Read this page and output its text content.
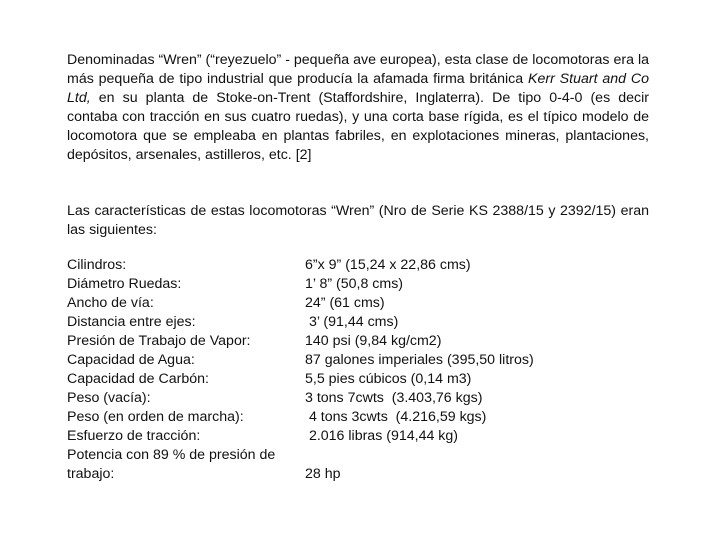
Denominadas “Wren” (“reyezuelo” - pequeña ave europea), esta clase de locomotoras era la más pequeña de tipo industrial que producía la afamada firma británica Kerr Stuart and Co Ltd, en su planta de Stoke-on-Trent (Staffordshire, Inglaterra). De tipo 0-4-0 (es decir contaba con tracción en sus cuatro ruedas), y una corta base rígida, es el típico modelo de locomotora que se empleaba en plantas fabriles, en explotaciones mineras, plantaciones, depósitos, arsenales, astilleros, etc. [2]

Las características de estas locomotoras “Wren” (Nro de Serie KS 2388/15 y 2392/15) eran las siguientes:

Cilindros:	6”x 9” (15,24 x 22,86 cms)
Diámetro Ruedas:	1’ 8” (50,8 cms)
Ancho de vía:	24” (61 cms)
Distancia entre ejes:	3’ (91,44 cms)
Presión de Trabajo de Vapor:	140 psi (9,84 kg/cm2)
Capacidad de Agua:	87 galones imperiales (395,50 litros)
Capacidad de Carbón:	5,5 pies cúbicos (0,14 m3)
Peso (vacía):	3 tons 7cwts  (3.403,76 kgs)
Peso (en orden de marcha):	4 tons 3cwts  (4.216,59 kgs)
Esfuerzo de tracción:	2.016 libras (914,44 kg)
Potencia con 89 % de presión de trabajo:	28 hp
